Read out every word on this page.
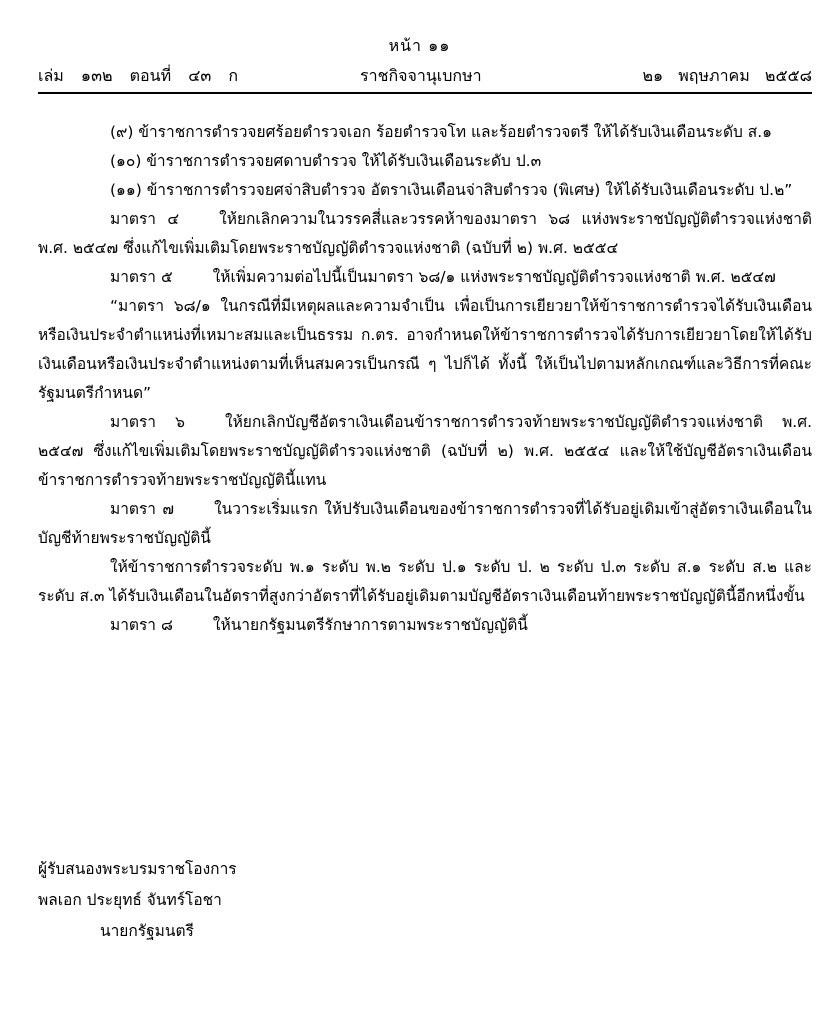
หน้า ๑๑
เล่ม ๑๓๒ ตอนที่ ๔๓ ก	ราชกิจจานุเบกษา	๒๑ พฤษภาคม ๒๕๕๘

(๙) ข้าราชการตำรวจยศร้อยตำรวจเอก ร้อยตำรวจโท และร้อยตำรวจตรี ให้ได้รับเงินเดือนระดับ ส.๑

(๑๐) ข้าราชการตำรวจยศดาบตำรวจ ให้ได้รับเงินเดือนระดับ ป.๓

(๑๑) ข้าราชการตำรวจยศจ่าสิบตำรวจ อัตราเงินเดือนจ่าสิบตำรวจ (พิเศษ) ให้ได้รับเงินเดือนระดับ ป.๒”

มาตรา ๔	ให้ยกเลิกความในวรรคสี่และวรรคห้าของมาตรา ๖๘ แห่งพระราชบัญญัติตำรวจแห่งชาติ พ.ศ. ๒๕๔๗ ซึ่งแก้ไขเพิ่มเติมโดยพระราชบัญญัติตำรวจแห่งชาติ (ฉบับที่ ๒) พ.ศ. ๒๕๕๔

มาตรา ๕	ให้เพิ่มความต่อไปนี้เป็นมาตรา ๖๘/๑ แห่งพระราชบัญญัติตำรวจแห่งชาติ พ.ศ. ๒๕๔๗

“มาตรา ๖๘/๑ ในกรณีที่มีเหตุผลและความจำเป็น เพื่อเป็นการเยียวยาให้ข้าราชการตำรวจได้รับเงินเดือนหรือเงินประจำตำแหน่งที่เหมาะสมและเป็นธรรม ก.ตร. อาจกำหนดให้ข้าราชการตำรวจได้รับการเยียวยาโดยให้ได้รับเงินเดือนหรือเงินประจำตำแหน่งตามที่เห็นสมควรเป็นกรณี ๆ ไปก็ได้ ทั้งนี้ ให้เป็นไปตามหลักเกณฑ์และวิธีการที่คณะรัฐมนตรีกำหนด”

มาตรา ๖	ให้ยกเลิกบัญชีอัตราเงินเดือนข้าราชการตำรวจท้ายพระราชบัญญัติตำรวจแห่งชาติ พ.ศ. ๒๕๔๗ ซึ่งแก้ไขเพิ่มเติมโดยพระราชบัญญัติตำรวจแห่งชาติ (ฉบับที่ ๒) พ.ศ. ๒๕๕๔ และให้ใช้บัญชีอัตราเงินเดือนข้าราชการตำรวจท้ายพระราชบัญญัตินี้แทน

มาตรา ๗	ในวาระเริ่มแรก ให้ปรับเงินเดือนของข้าราชการตำรวจที่ได้รับอยู่เดิมเข้าสู่อัตราเงินเดือนในบัญชีท้ายพระราชบัญญัตินี้

ให้ข้าราชการตำรวจระดับ พ.๑ ระดับ พ.๒ ระดับ ป.๑ ระดับ ป. ๒ ระดับ ป.๓ ระดับ ส.๑ ระดับ ส.๒ และระดับ ส.๓ ได้รับเงินเดือนในอัตราที่สูงกว่าอัตราที่ได้รับอยู่เดิมตามบัญชีอัตราเงินเดือนท้ายพระราชบัญญัตินี้อีกหนึ่งขั้น

มาตรา ๘	ให้นายกรัฐมนตรีรักษาการตามพระราชบัญญัตินี้

ผู้รับสนองพระบรมราชโองการ
พลเอก ประยุทธ์ จันทร์โอชา
นายกรัฐมนตรี
